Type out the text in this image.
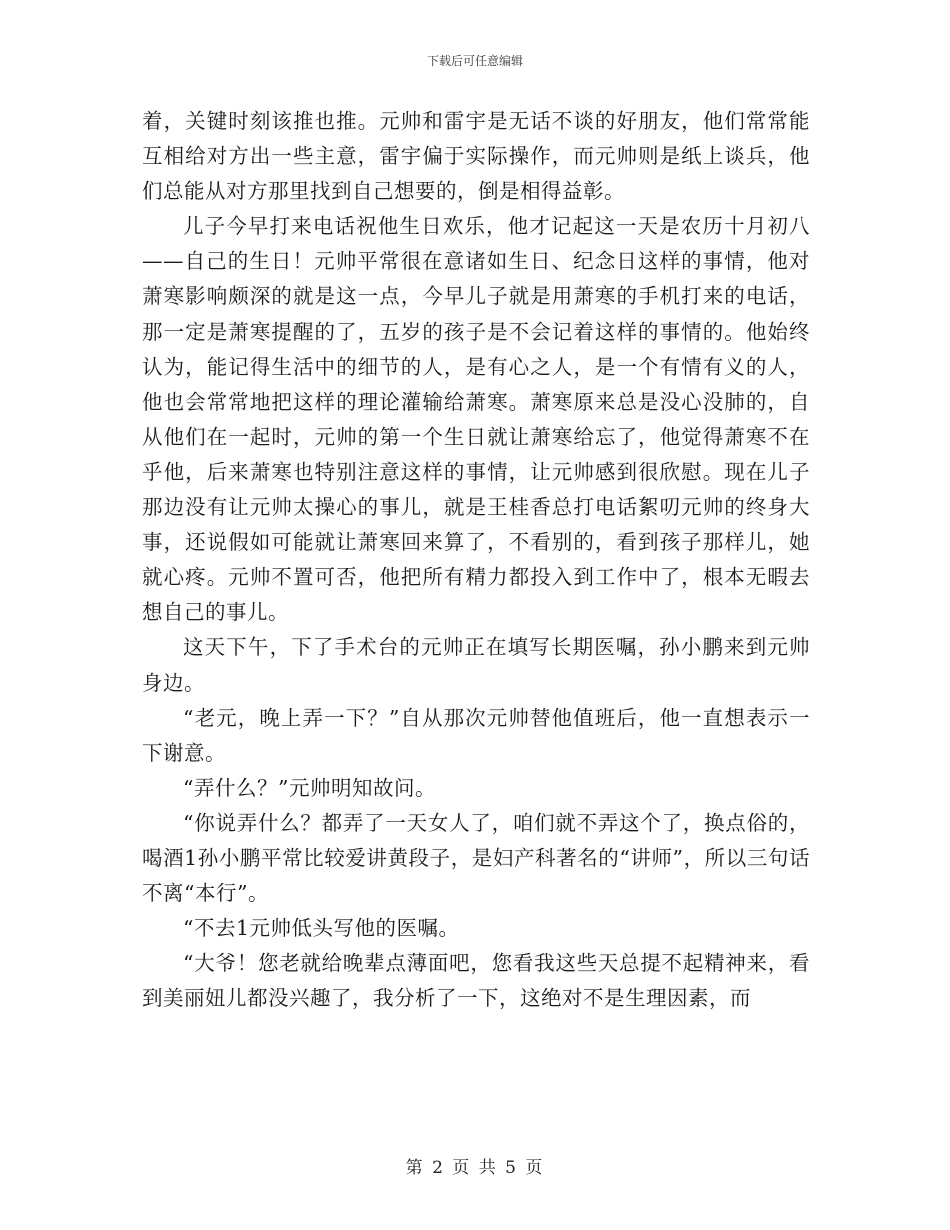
下载后可任意编辑

着，关键时刻该推也推。元帅和雷宇是无话不谈的好朋友，他们常常能互相给对方出一些主意，雷宇偏于实际操作，而元帅则是纸上谈兵，他们总能从对方那里找到自己想要的，倒是相得益彰。

儿子今早打来电话祝他生日欢乐，他才记起这一天是农历十月初八——自己的生日！元帅平常很在意诸如生日、纪念日这样的事情，他对萧寒影响颇深的就是这一点，今早儿子就是用萧寒的手机打来的电话，那一定是萧寒提醒的了，五岁的孩子是不会记着这样的事情的。他始终认为，能记得生活中的细节的人，是有心之人，是一个有情有义的人，他也会常常地把这样的理论灌输给萧寒。萧寒原来总是没心没肺的，自从他们在一起时，元帅的第一个生日就让萧寒给忘了，他觉得萧寒不在乎他，后来萧寒也特别注意这样的事情，让元帅感到很欣慰。现在儿子那边没有让元帅太操心的事儿，就是王桂香总打电话絮叨元帅的终身大事，还说假如可能就让萧寒回来算了，不看别的，看到孩子那样儿，她就心疼。元帅不置可否，他把所有精力都投入到工作中了，根本无暇去想自己的事儿。

这天下午，下了手术台的元帅正在填写长期医嘱，孙小鹏来到元帅身边。

“老元，晚上弄一下？”自从那次元帅替他值班后，他一直想表示一下谢意。

“弄什么？”元帅明知故问。

“你说弄什么？都弄了一天女人了，咱们就不弄这个了，换点俗的，喝酒1孙小鹏平常比较爱讲黄段子，是妇产科著名的“讲师”，所以三句话不离“本行”。

“不去1元帅低头写他的医嘱。

“大爷！您老就给晚辈点薄面吧，您看我这些天总提不起精神来，看到美丽妞儿都没兴趣了，我分析了一下，这绝对不是生理因素，而

第 2 页 共 5 页
